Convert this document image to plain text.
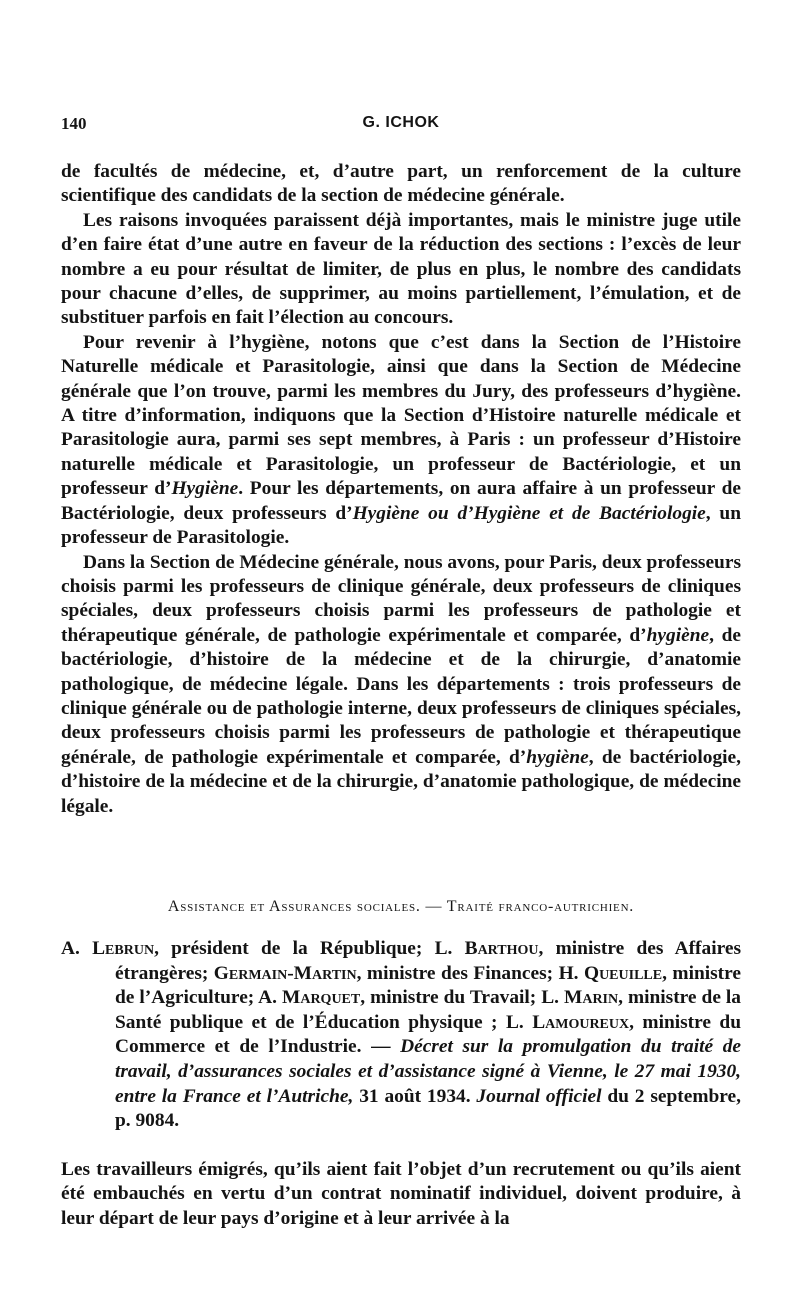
140	G. ICHOK

de facultés de médecine, et, d’autre part, un renforcement de la culture scientifique des candidats de la section de médecine générale.

Les raisons invoquées paraissent déjà importantes, mais le ministre juge utile d’en faire état d’une autre en faveur de la réduction des sections : l’excès de leur nombre a eu pour résultat de limiter, de plus en plus, le nombre des candidats pour chacune d’elles, de supprimer, au moins partiellement, l’émulation, et de substituer parfois en fait l’élection au concours.

Pour revenir à l’hygiène, notons que c’est dans la Section de l’Histoire Naturelle médicale et Parasitologie, ainsi que dans la Section de Médecine générale que l’on trouve, parmi les membres du Jury, des professeurs d’hygiène. A titre d’information, indiquons que la Section d’Histoire naturelle médicale et Parasitologie aura, parmi ses sept membres, à Paris : un professeur d’Histoire naturelle médicale et Parasitologie, un professeur de Bactériologie, et un professeur d’Hygiène. Pour les départements, on aura affaire à un professeur de Bactériologie, deux professeurs d’Hygiène ou d’Hygiène et de Bactériologie, un professeur de Parasitologie.

Dans la Section de Médecine générale, nous avons, pour Paris, deux professeurs choisis parmi les professeurs de clinique générale, deux professeurs de cliniques spéciales, deux professeurs choisis parmi les professeurs de pathologie et thérapeutique générale, de pathologie expérimentale et comparée, d’hygiène, de bactériologie, d’histoire de la médecine et de la chirurgie, d’anatomie pathologique, de médecine légale. Dans les départements : trois professeurs de clinique générale ou de pathologie interne, deux professeurs de cliniques spéciales, deux professeurs choisis parmi les professeurs de pathologie et thérapeutique générale, de pathologie expérimentale et comparée, d’hygiène, de bactériologie, d’histoire de la médecine et de la chirurgie, d’anatomie pathologique, de médecine légale.

Assistance et Assurances sociales. — Traité franco-autrichien.
A. Lebrun, président de la République; L. Barthou, ministre des Affaires étrangères; Germain-Martin, ministre des Finances; H. Queuille, ministre de l’Agriculture; A. Marquet, ministre du Travail; L. Marin, ministre de la Santé publique et de l’Éducation physique ; L. Lamoureux, ministre du Commerce et de l’Industrie. — Décret sur la promulgation du traité de travail, d’assurances sociales et d’assistance signé à Vienne, le 27 mai 1930, entre la France et l’Autriche, 31 août 1934. Journal officiel du 2 septembre, p. 9084.

Les travailleurs émigrés, qu’ils aient fait l’objet d’un recrutement ou qu’ils aient été embauchés en vertu d’un contrat nominatif individuel, doivent produire, à leur départ de leur pays d’origine et à leur arrivée à la
